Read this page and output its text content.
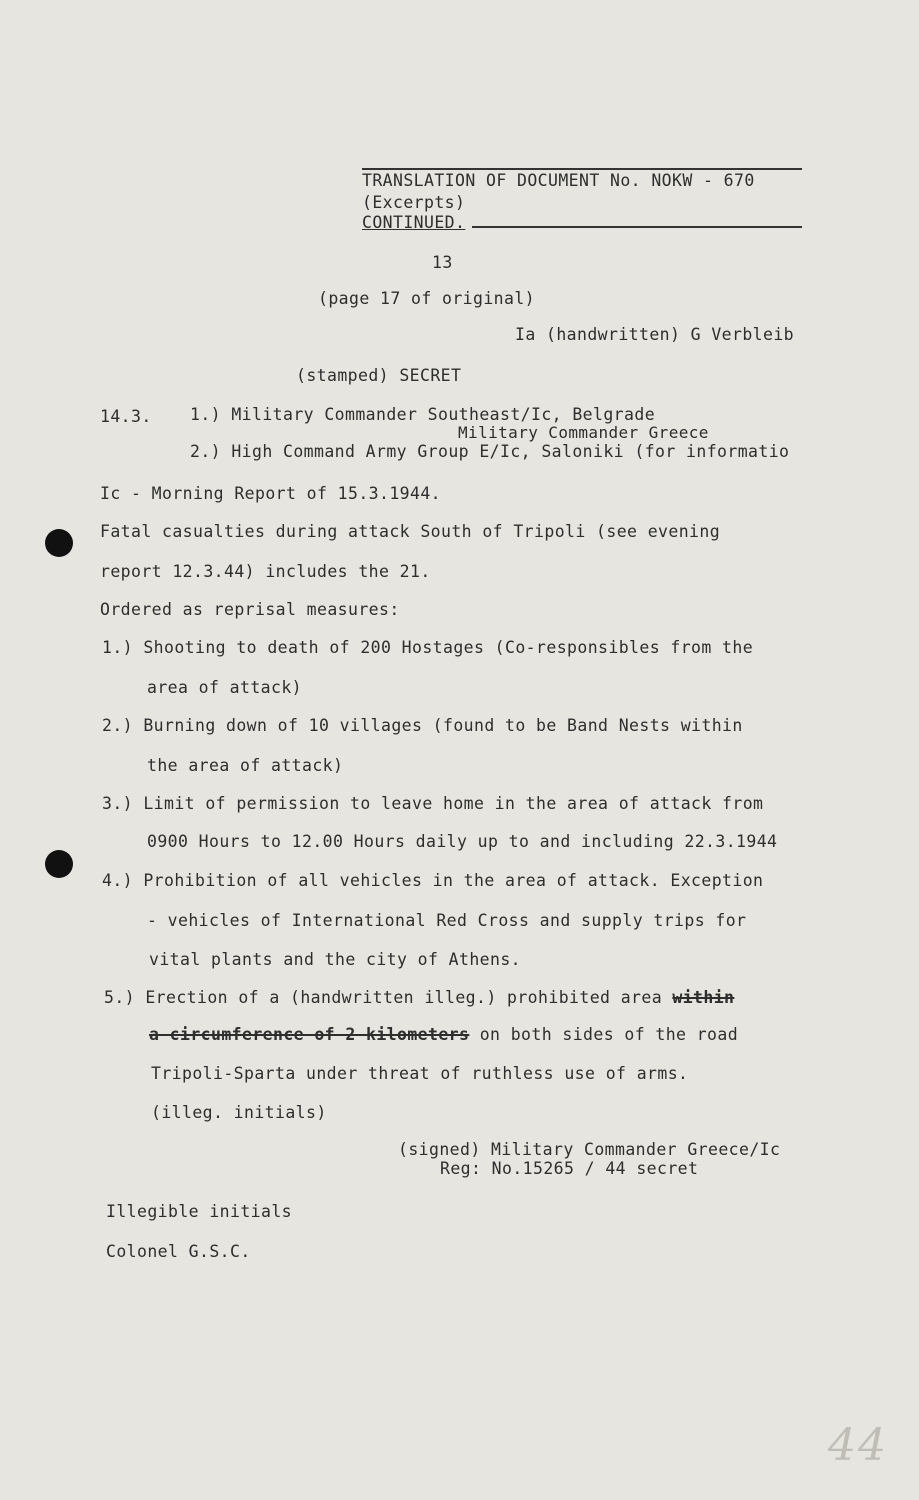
TRANSLATION OF DOCUMENT No. NOKW - 670
(Excerpts)
CONTINUED.
13
(page 17 of original)
Ia (handwritten) G Verbleib
(stamped) SECRET
14.3. 1.) Military Commander Southeast/Ic, Belgrade
Military Commander Greece
2.) High Command Army Group E/Ic, Saloniki (for informatio
Ic - Morning Report of 15.3.1944.
Fatal casualties during attack South of Tripoli (see evening
report 12.3.44) includes the 21.
Ordered as reprisal measures:
1.) Shooting to death of 200 Hostages (Co-responsibles from the
area of attack)
2.) Burning down of 10 villages (found to be Band Nests within
the area of attack)
3.) Limit of permission to leave home in the area of attack from
0900 Hours to 12.00 Hours daily up to and including 22.3.1944
4.) Prohibition of all vehicles in the area of attack. Exception
- vehicles of International Red Cross and supply trips for
vital plants and the city of Athens.
5.) Erection of a (handwritten illeg.) prohibited area within
a circumference of 2 kilometers on both sides of the road
Tripoli-Sparta under threat of ruthless use of arms.
(illeg. initials)
(signed) Military Commander Greece/Ic
Reg: No.15265 / 44 secret
Illegible initials
Colonel G.S.C.
44
